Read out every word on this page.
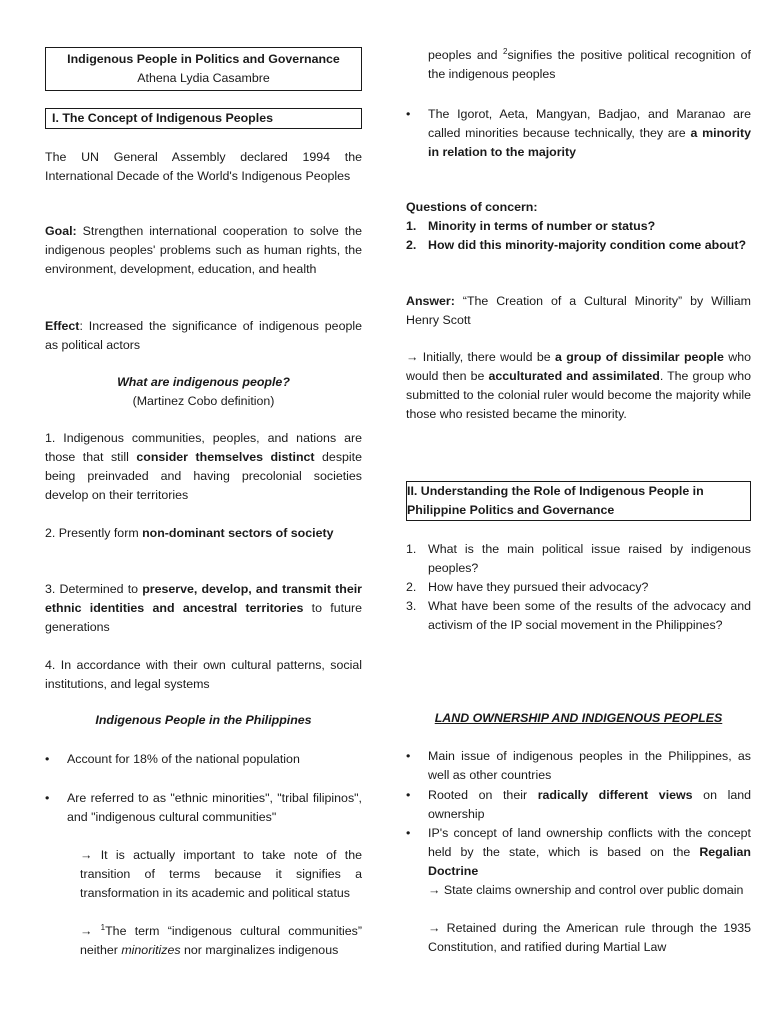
Indigenous People in Politics and Governance
Athena Lydia Casambre
I. The Concept of Indigenous Peoples

The UN General Assembly declared 1994 the International Decade of the World's Indigenous Peoples

Goal: Strengthen international cooperation to solve the indigenous peoples' problems such as human rights, the environment, development, education, and health

Effect: Increased the significance of indigenous people as political actors

What are indigenous people?
(Martinez Cobo definition)

1. Indigenous communities, peoples, and nations are those that still consider themselves distinct despite being preinvaded and having precolonial societies develop on their territories

2. Presently form non-dominant sectors of society

3. Determined to preserve, develop, and transmit their ethnic identities and ancestral territories to future generations

4. In accordance with their own cultural patterns, social institutions, and legal systems

Indigenous People in the Philippines
• Account for 18% of the national population
• Are referred to as "ethnic minorities", "tribal filipinos", and "indigenous cultural communities"

→ It is actually important to take note of the transition of terms because it signifies a transformation in its academic and political status

→ $^1$The term “indigenous cultural communities” neither minoritizes nor marginalizes indigenous

peoples and $^2$signifies the positive political recognition of the indigenous peoples

• The Igorot, Aeta, Mangyan, Badjao, and Maranao are called minorities because technically, they are a minority in relation to the majority
Questions of concern:
1. Minority in terms of number or status?
2. How did this minority-majority condition come about?

Answer: “The Creation of a Cultural Minority” by William Henry Scott

→ Initially, there would be a group of dissimilar people who would then be acculturated and assimilated. The group who submitted to the colonial ruler would become the majority while those who resisted became the minority.

II. Understanding the Role of Indigenous People in Philippine Politics and Governance
1. What is the main political issue raised by indigenous peoples?
2. How have they pursued their advocacy?
3. What have been some of the results of the advocacy and activism of the IP social movement in the Philippines?
LAND OWNERSHIP AND INDIGENOUS PEOPLES
• Main issue of indigenous peoples in the Philippines, as well as other countries
• Rooted on their radically different views on land ownership
• IP's concept of land ownership conflicts with the concept held by the state, which is based on the Regalian Doctrine

→ State claims ownership and control over public domain

→ Retained during the American rule through the 1935 Constitution, and ratified during Martial Law
